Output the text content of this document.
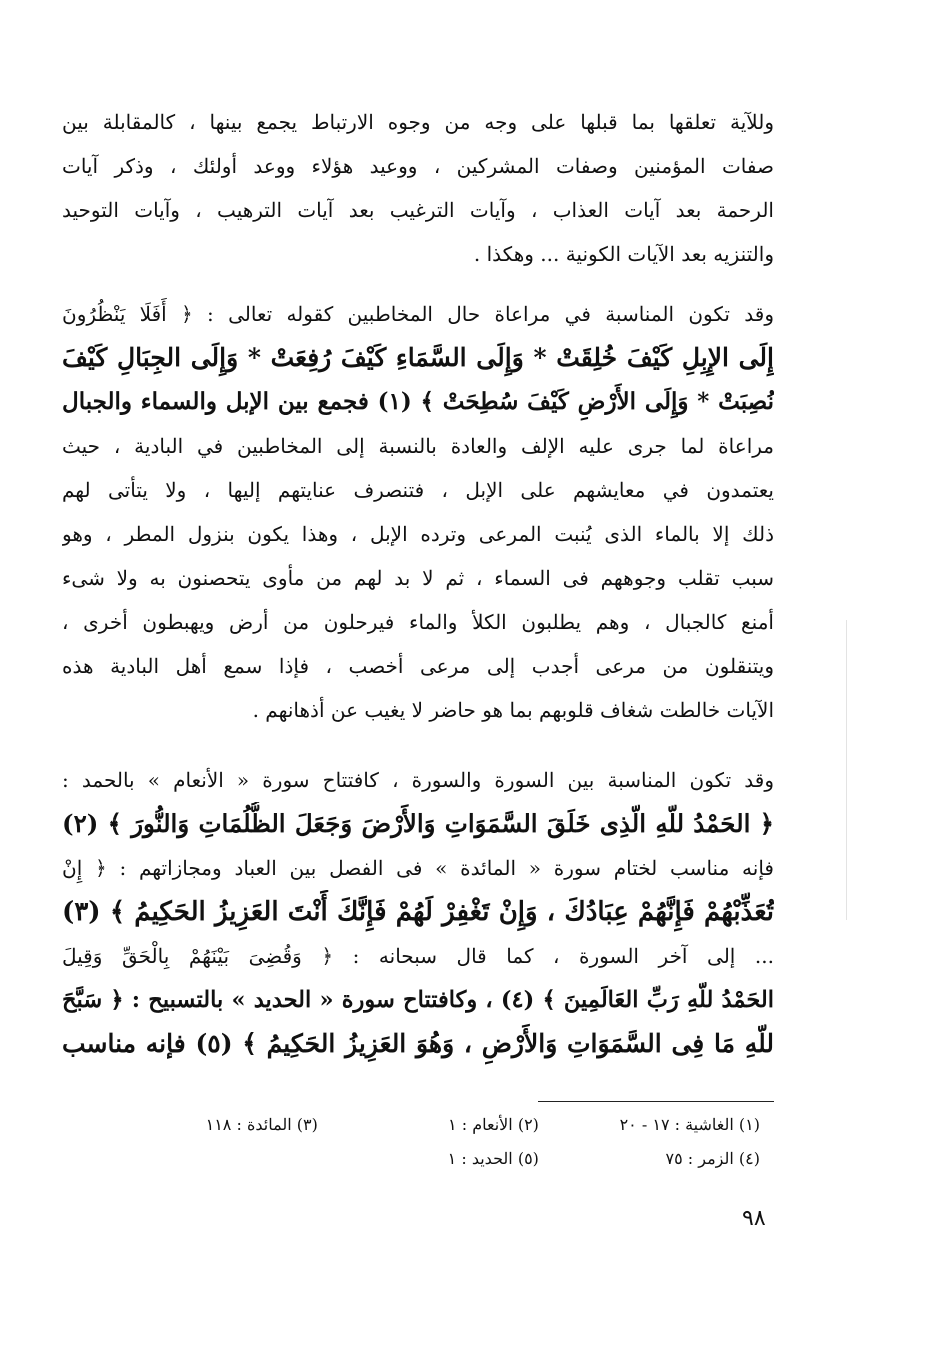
وللآية تعلقها بما قبلها على وجه من وجوه الارتباط يجمع بينها ، كالمقابلة بين
صفات المؤمنين وصفات المشركين ، ووعيد هؤلاء ووعد أولئك ، وذكر آيات
الرحمة بعد آيات العذاب ، وآيات الترغيب بعد آيات الترهيب ، وآيات التوحيد
والتنزيه بعد الآيات الكونية ... وهكذا .
وقد تكون المناسبة في مراعاة حال المخاطبين كقوله تعالى : ﴿ أَفَلَا يَنْظُرُونَ
إِلَى الإِبِلِ كَيْفَ خُلِقَتْ * وَإِلَى السَّمَاءِ كَيْفَ رُفِعَتْ * وَإِلَى الجِبَالِ كَيْفَ
نُصِبَتْ * وَإِلَى الأَرْضِ كَيْفَ سُطِحَتْ ﴾ (١) فجمع بين الإبل والسماء والجبال
مراعاة لما جرى عليه الإلف والعادة بالنسبة إلى المخاطبين في البادية ، حيث
يعتمدون في معايشهم على الإبل ، فتنصرف عنايتهم إليها ، ولا يتأتى لهم
ذلك إلا بالماء الذى يُنبت المرعى وترده الإبل ، وهذا يكون بنزول المطر ، وهو
سبب تقلب وجوههم فى السماء ، ثم لا بد لهم من مأوى يتحصنون به ولا شىء
أمنع كالجبال ، وهم يطلبون الكلأ والماء فيرحلون من أرض ويهبطون أخرى ،
ويتنقلون من مرعى أجدب إلى مرعى أخصب ، فإذا سمع أهل البادية هذه
الآيات خالطت شغاف قلوبهم بما هو حاضر لا يغيب عن أذهانهم .
وقد تكون المناسبة بين السورة والسورة ، كافتتاح سورة « الأنعام » بالحمد :
﴿ الحَمْدُ للّهِ الّذِى خَلَقَ السَّمَوَاتِ وَالأَرْضَ وَجَعَلَ الظُّلُمَاتِ وَالنُّورَ ﴾ (٢)
فإنه مناسب لختام سورة « المائدة » فى الفصل بين العباد ومجازاتهم : ﴿ إِنْ
تُعَذِّبْهُمْ فَإِنَّهُمْ عِبَادُكَ ، وَإِنْ تَغْفِرْ لَهُمْ فَإِنَّكَ أَنْتَ العَزِيزُ الحَكِيمُ ﴾ (٣)
... إلى آخر السورة ، كما قال سبحانه : ﴿ وَقُضِىَ بَيْنَهُمْ بِالْحَقِّ وَقِيلَ
الحَمْدُ للّهِ رَبِّ العَالَمِينَ ﴾ (٤) ، وكافتتاح سورة « الحديد » بالتسبيح : ﴿ سَبَّحَ
للّهِ مَا فِى السَّمَوَاتِ وَالأَرْضِ ، وَهُوَ العَزِيزُ الحَكِيمُ ﴾ (٥) فإنه مناسب
(١) الغاشية : ١٧ - ٢٠ (٢) الأنعام : ١ (٣) المائدة : ١١٨
(٤) الزمر : ٧٥ (٥) الحديد : ١
٩٨
